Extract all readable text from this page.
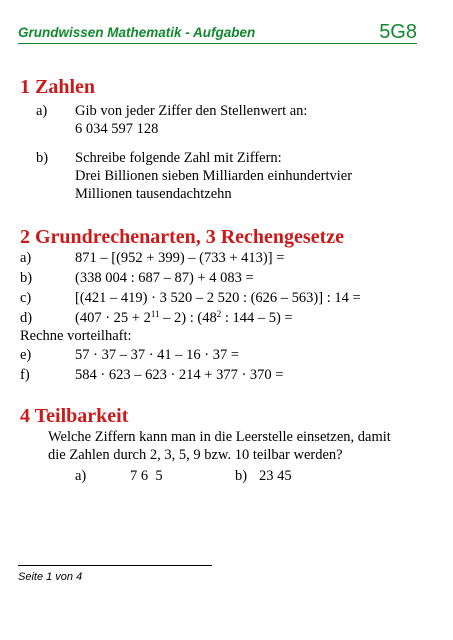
Grundwissen Mathematik - Aufgaben	5G8
1 Zahlen
a) Gib von jeder Ziffer den Stellenwert an:
6 034 597 128
b) Schreibe folgende Zahl mit Ziffern:
Drei Billionen sieben Milliarden einhundertvier
Millionen tausendachtzehn
2 Grundrechenarten, 3 Rechengesetze
a)	871 – [(952 + 399) – (733 + 413)] =
b)	(338 004 : 687 – 87) + 4 083 =
c)	[(421 – 419) · 3 520 – 2 520 : (626 – 563)] : 14 =
d)	$(407 \cdot 25 + 2^{11} - 2)$ : ($48^2$ : 144 – 5) =
Rechne vorteilhaft:
e)	57 · 37 – 37 · 41 – 16 · 37 =
f)	584 · 623 – 623 · 214 + 377 · 370 =
4 Teilbarkeit
Welche Ziffern kann man in die Leerstelle einsetzen, damit
die Zahlen durch 2, 3, 5, 9 bzw. 10 teilbar werden?
a)	7 6  5	b) 23 45
Seite 1 von 4
